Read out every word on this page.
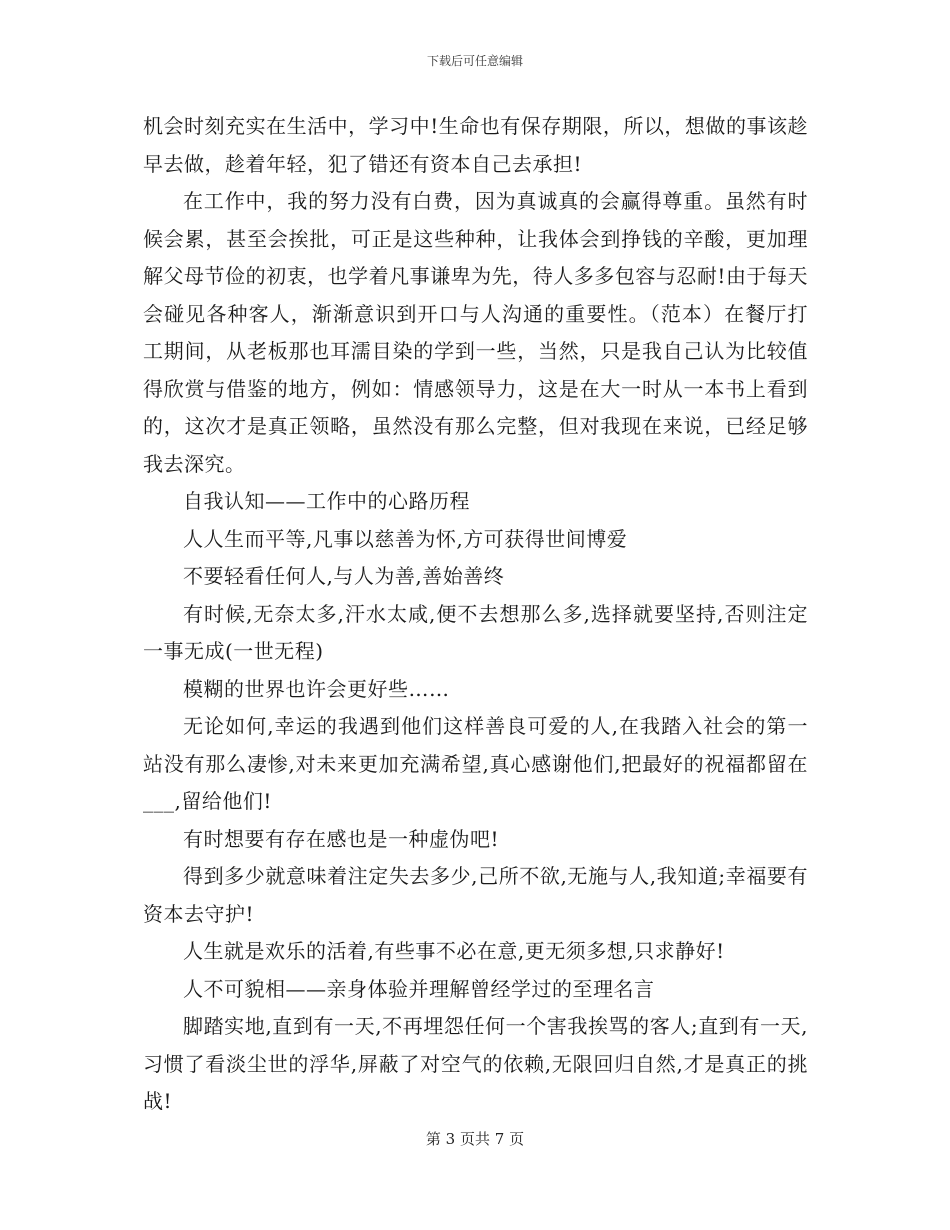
下载后可任意编辑

机会时刻充实在生活中，学习中!生命也有保存期限，所以，想做的事该趁早去做，趁着年轻，犯了错还有资本自己去承担!

在工作中，我的努力没有白费，因为真诚真的会赢得尊重。虽然有时候会累，甚至会挨批，可正是这些种种，让我体会到挣钱的辛酸，更加理解父母节俭的初衷，也学着凡事谦卑为先，待人多多包容与忍耐!由于每天会碰见各种客人，渐渐意识到开口与人沟通的重要性。（范本）在餐厅打工期间，从老板那也耳濡目染的学到一些，当然，只是我自己认为比较值得欣赏与借鉴的地方，例如：情感领导力，这是在大一时从一本书上看到的，这次才是真正领略，虽然没有那么完整，但对我现在来说，已经足够我去深究。

自我认知——工作中的心路历程

人人生而平等,凡事以慈善为怀,方可获得世间博爱

不要轻看任何人,与人为善,善始善终

有时候,无奈太多,汗水太咸,便不去想那么多,选择就要坚持,否则注定一事无成(一世无程)

模糊的世界也许会更好些……

无论如何,幸运的我遇到他们这样善良可爱的人,在我踏入社会的第一站没有那么凄惨,对未来更加充满希望,真心感谢他们,把最好的祝福都留在___,留给他们!

有时想要有存在感也是一种虚伪吧!

得到多少就意味着注定失去多少,己所不欲,无施与人,我知道;幸福要有资本去守护!

人生就是欢乐的活着,有些事不必在意,更无须多想,只求静好!

人不可貌相——亲身体验并理解曾经学过的至理名言

脚踏实地,直到有一天,不再埋怨任何一个害我挨骂的客人;直到有一天,习惯了看淡尘世的浮华,屏蔽了对空气的依赖,无限回归自然,才是真正的挑战!

第 3 页共 7 页
